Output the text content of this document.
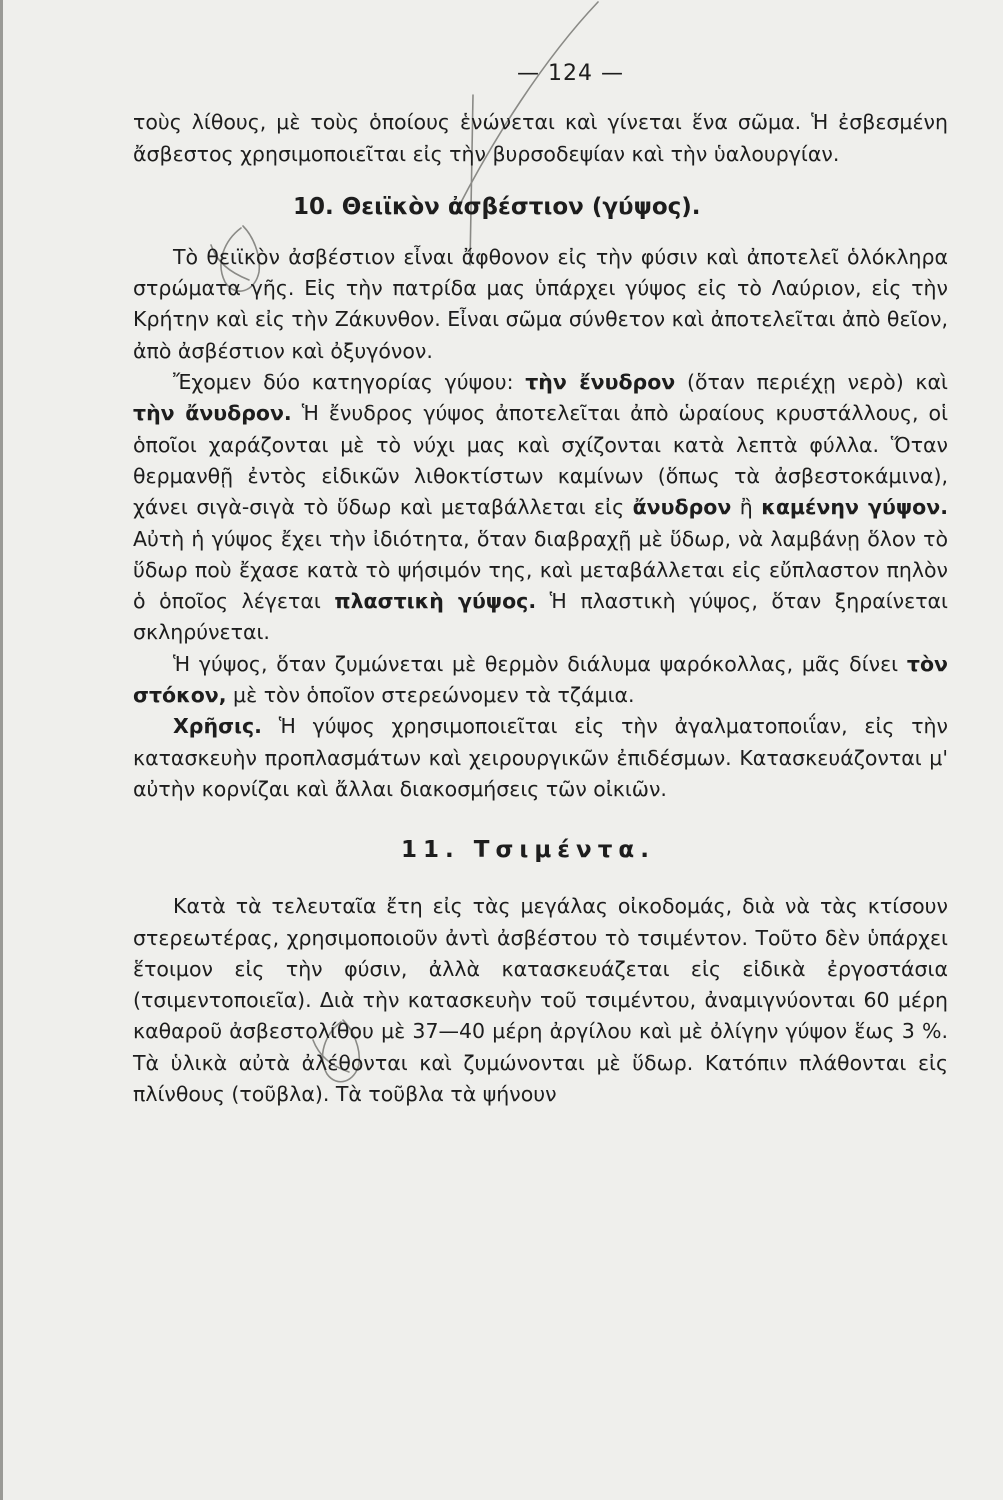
— 124 —

τοὺς λίθους, μὲ τοὺς ὁποίους ἑνώνεται καὶ γίνεται ἕνα σῶμα. Ἡ ἐσβεσμένη ἄσβεστος χρησιμοποιεῖται εἰς τὴν βυρσοδεψίαν καὶ τὴν ὑαλουργίαν.

10. Θειϊκὸν ἀσβέστιον (γύψος).

Τὸ θειϊκὸν ἀσβέστιον εἶναι ἄφθονον εἰς τὴν φύσιν καὶ ἀποτελεῖ ὁλόκληρα στρώματα γῆς. Εἰς τὴν πατρίδα μας ὑπάρχει γύψος εἰς τὸ Λαύριον, εἰς τὴν Κρήτην καὶ εἰς τὴν Ζάκυνθον. Εἶναι σῶμα σύνθετον καὶ ἀποτελεῖται ἀπὸ θεῖον, ἀπὸ ἀσβέστιον καὶ ὀξυγόνον.

Ἔχομεν δύο κατηγορίας γύψου: τὴν ἔνυδρον (ὅταν περιέχῃ νερὸ) καὶ τὴν ἄνυδρον. Ἡ ἔνυδρος γύψος ἀποτελεῖται ἀπὸ ὡραίους κρυστάλλους, οἱ ὁποῖοι χαράζονται μὲ τὸ νύχι μας καὶ σχίζονται κατὰ λεπτὰ φύλλα. Ὅταν θερμανθῇ ἐντὸς εἰδικῶν λιθοκτίστων καμίνων (ὅπως τὰ ἀσβεστοκάμινα), χάνει σιγὰ-σιγὰ τὸ ὕδωρ καὶ μεταβάλλεται εἰς ἄνυδρον ἢ καμένην γύψον. Αὐτὴ ἡ γύψος ἔχει τὴν ἰδιότητα, ὅταν διαβραχῇ μὲ ὕδωρ, νὰ λαμβάνῃ ὅλον τὸ ὕδωρ ποὺ ἔχασε κατὰ τὸ ψήσιμόν της, καὶ μεταβάλλεται εἰς εὔπλαστον πηλὸν ὁ ὁποῖος λέγεται πλαστικὴ γύψος. Ἡ πλαστικὴ γύψος, ὅταν ξηραίνεται σκληρύνεται.

Ἡ γύψος, ὅταν ζυμώνεται μὲ θερμὸν διάλυμα ψαρόκολλας, μᾶς δίνει τὸν στόκον, μὲ τὸν ὁποῖον στερεώνομεν τὰ τζάμια.

Χρῆσις. Ἡ γύψος χρησιμοποιεῖται εἰς τὴν ἀγαλματοποιΐαν, εἰς τὴν κατασκευὴν προπλασμάτων καὶ χειρουργικῶν ἐπιδέσμων. Κατασκευάζονται μ' αὐτὴν κορνίζαι καὶ ἄλλαι διακοσμήσεις τῶν οἰκιῶν.

11. Τσιμέντα.

Κατὰ τὰ τελευταῖα ἔτη εἰς τὰς μεγάλας οἰκοδομάς, διὰ νὰ τὰς κτίσουν στερεωτέρας, χρησιμοποιοῦν ἀντὶ ἀσβέστου τὸ τσιμέντον. Τοῦτο δὲν ὑπάρχει ἕτοιμον εἰς τὴν φύσιν, ἀλλὰ κατασκευάζεται εἰς εἰδικὰ ἐργοστάσια (τσιμεντοποιεῖα). Διὰ τὴν κατασκευὴν τοῦ τσιμέντου, ἀναμιγνύονται 60 μέρη καθαροῦ ἀσβεστολίθου μὲ 37—40 μέρη ἀργίλου καὶ μὲ ὀλίγην γύψον ἕως 3 %. Τὰ ὑλικὰ αὐτὰ ἀλέθονται καὶ ζυμώνονται μὲ ὕδωρ. Κατόπιν πλάθονται εἰς πλίνθους (τοῦβλα). Τὰ τοῦβλα τὰ ψήνουν
